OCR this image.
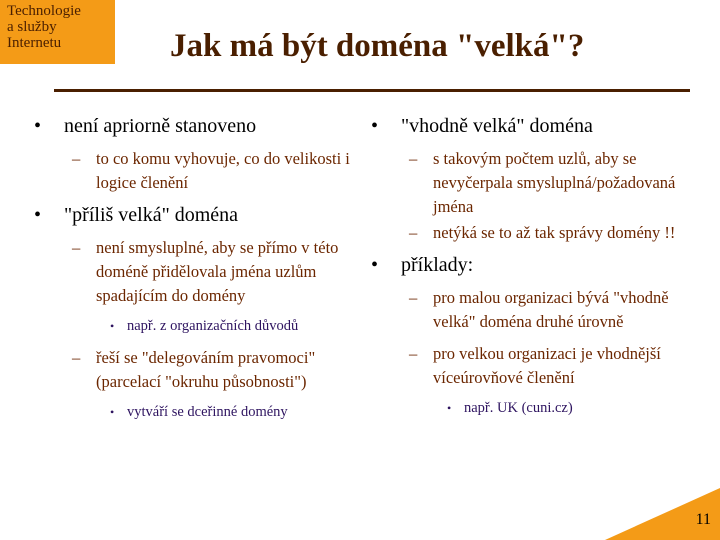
Technologie
a služby
Internetu	Jak má být doména "velká"?
• není apriorně stanoveno
– to co komu vyhovuje, co do velikosti i logice členění
• "příliš velká" doména
– není smysluplné, aby se přímo v této doméně přidělovala jména uzlům spadajícím do domény
• např. z organizačních důvodů
– řeší se "delegováním pravomoci" (parcelací "okruhu působnosti")
• vytváří se dceřinné domény
• "vhodně velká" doména
– s takovým počtem uzlů, aby se nevyčerpala smysluplná/požadovaná jména
– netýká se to až tak správy domény !!
• příklady:
– pro malou organizaci bývá "vhodně velká" doména druhé úrovně
– pro velkou organizaci je vhodnější víceúrovňové členění
• např. UK (cuni.cz)
11
